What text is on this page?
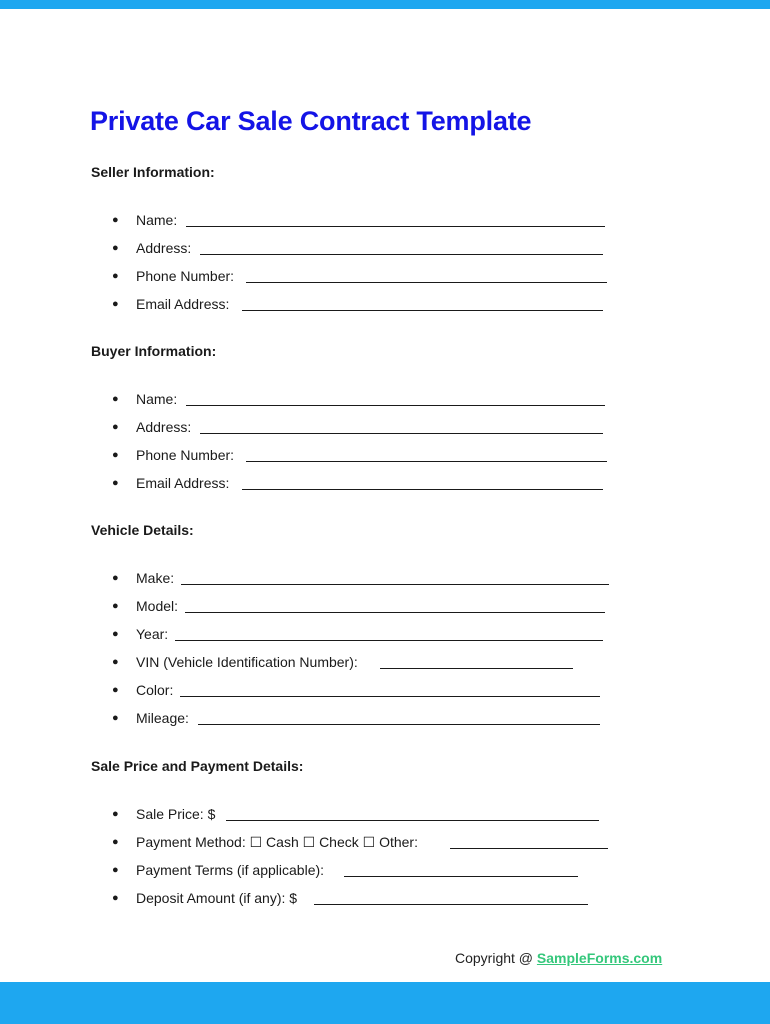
Private Car Sale Contract Template
Seller Information:
● Name:
● Address:
● Phone Number:
● Email Address:
Buyer Information:
● Name:
● Address:
● Phone Number:
● Email Address:
Vehicle Details:
● Make:
● Model:
● Year:
● VIN (Vehicle Identification Number):
● Color:
● Mileage:
Sale Price and Payment Details:
● Sale Price: $
● Payment Method: ☐ Cash ☐ Check ☐ Other:
● Payment Terms (if applicable):
● Deposit Amount (if any): $
Copyright @ SampleForms.com
